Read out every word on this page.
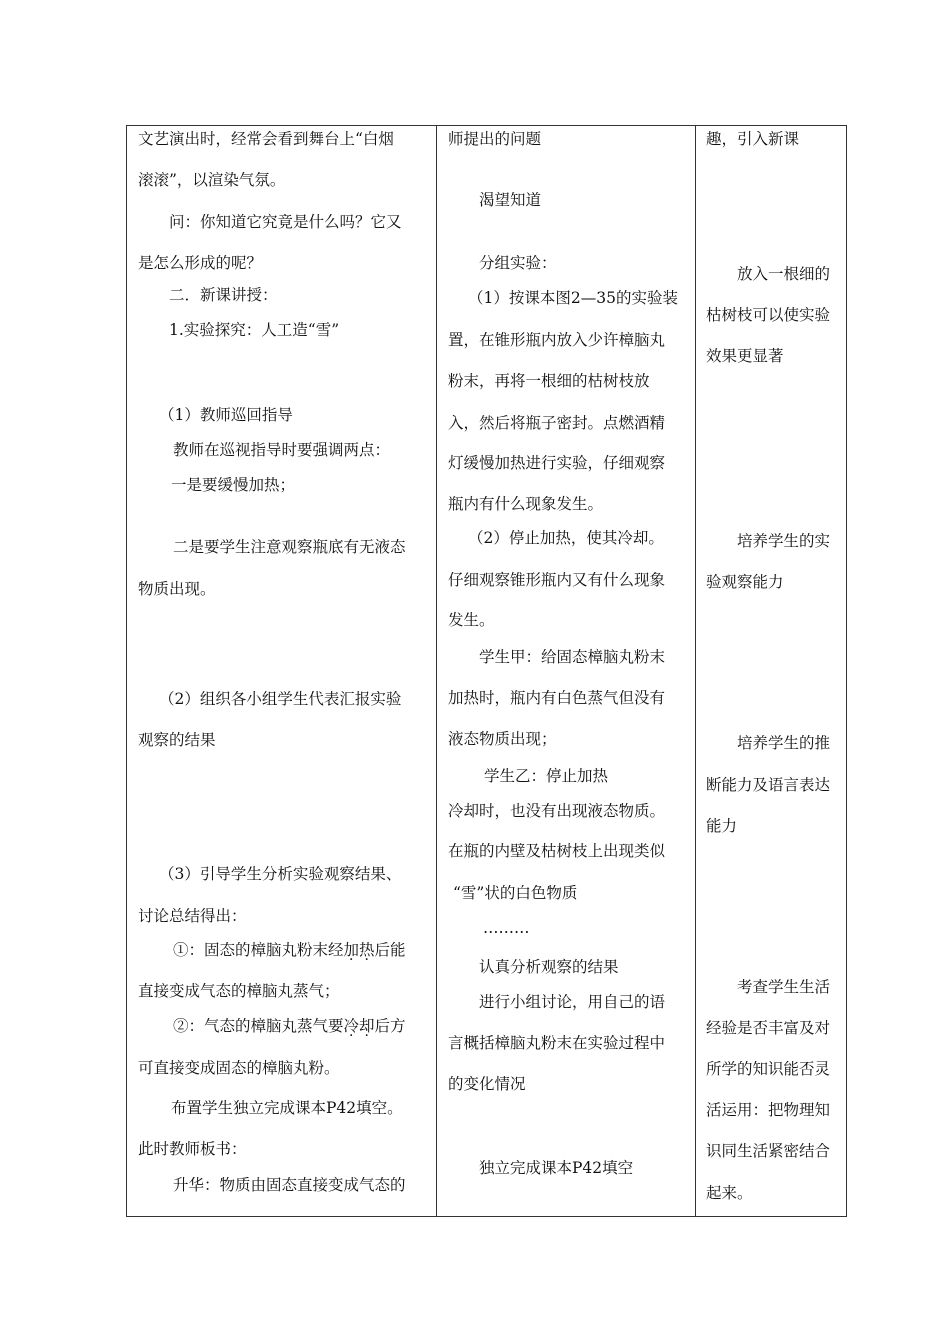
文艺演出时，经常会看到舞台上“白烟
滚滚”，以渲染气氛。
问：你知道它究竟是什么吗？它又
是怎么形成的呢？
二．新课讲授：
1.实验探究：人工造“雪”
（1）教师巡回指导
教师在巡视指导时要强调两点：
一是要缓慢加热；
二是要学生注意观察瓶底有无液态
物质出现。
（2）组织各小组学生代表汇报实验
观察的结果
（3）引导学生分析实验观察结果、
讨论总结得出：
①：固态的樟脑丸粉末经加热后能
直接变成气态的樟脑丸蒸气；
②：气态的樟脑丸蒸气要冷却后方
可直接变成固态的樟脑丸粉。
布置学生独立完成课本P42填空。
此时教师板书：
升华：物质由固态直接变成气态的
师提出的问题
渴望知道
分组实验：
（1）按课本图2—35的实验装
置，在锥形瓶内放入少许樟脑丸
粉末，再将一根细的枯树枝放
入，然后将瓶子密封。点燃酒精
灯缓慢加热进行实验，仔细观察
瓶内有什么现象发生。
（2）停止加热，使其冷却。
仔细观察锥形瓶内又有什么现象
发生。
学生甲：给固态樟脑丸粉末
加热时，瓶内有白色蒸气但没有
液态物质出现；
学生乙：停止加热
冷却时，也没有出现液态物质。
在瓶的内壁及枯树枝上出现类似
“雪”状的白色物质
………
认真分析观察的结果
进行小组讨论，用自己的语
言概括樟脑丸粉末在实验过程中
的变化情况
独立完成课本P42填空
趣，引入新课
放入一根细的
枯树枝可以使实验
效果更显著
培养学生的实
验观察能力
培养学生的推
断能力及语言表达
能力
考查学生生活
经验是否丰富及对
所学的知识能否灵
活运用：把物理知
识同生活紧密结合
起来。
